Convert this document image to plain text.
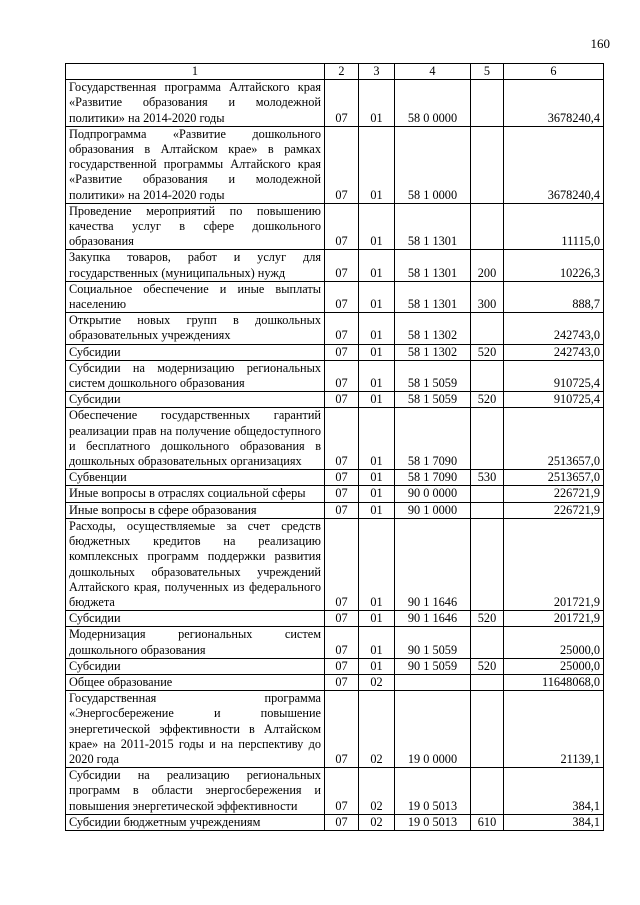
160
1	2	3	4	5	6
Государственная программа Алтайского края «Развитие образования и молодежной политики» на 2014-2020 годы	07	01	58 0 0000		3678240,4
Подпрограмма «Развитие дошкольного образования в Алтайском крае» в рамках государственной программы Алтайского края «Развитие образования и молодежной политики» на 2014-2020 годы	07	01	58 1 0000		3678240,4
Проведение мероприятий по повышению качества услуг в сфере дошкольного образования	07	01	58 1 1301		11115,0
Закупка товаров, работ и услуг для государственных (муниципальных) нужд	07	01	58 1 1301	200	10226,3
Социальное обеспечение и иные выплаты населению	07	01	58 1 1301	300	888,7
Открытие новых групп в дошкольных образовательных учреждениях	07	01	58 1 1302		242743,0
Субсидии	07	01	58 1 1302	520	242743,0
Субсидии на модернизацию региональных систем дошкольного образования	07	01	58 1 5059		910725,4
Субсидии	07	01	58 1 5059	520	910725,4
Обеспечение государственных гарантий реализации прав на получение общедоступного и бесплатного дошкольного образования в дошкольных образовательных организациях	07	01	58 1 7090		2513657,0
Субвенции	07	01	58 1 7090	530	2513657,0
Иные вопросы в отраслях социальной сферы	07	01	90 0 0000		226721,9
Иные вопросы в сфере образования	07	01	90 1 0000		226721,9
Расходы, осуществляемые за счет средств бюджетных кредитов на реализацию комплексных программ поддержки развития дошкольных образовательных учреждений Алтайского края, полученных из федерального бюджета	07	01	90 1 1646		201721,9
Субсидии	07	01	90 1 1646	520	201721,9
Модернизация региональных систем дошкольного образования	07	01	90 1 5059		25000,0
Субсидии	07	01	90 1 5059	520	25000,0
Общее образование	07	02			11648068,0
Государственная программа «Энергосбережение и повышение энергетической эффективности в Алтайском крае» на 2011-2015 годы и на перспективу до 2020 года	07	02	19 0 0000		21139,1
Субсидии на реализацию региональных программ в области энергосбережения и повышения энергетической эффективности	07	02	19 0 5013		384,1
Субсидии бюджетным учреждениям	07	02	19 0 5013	610	384,1
